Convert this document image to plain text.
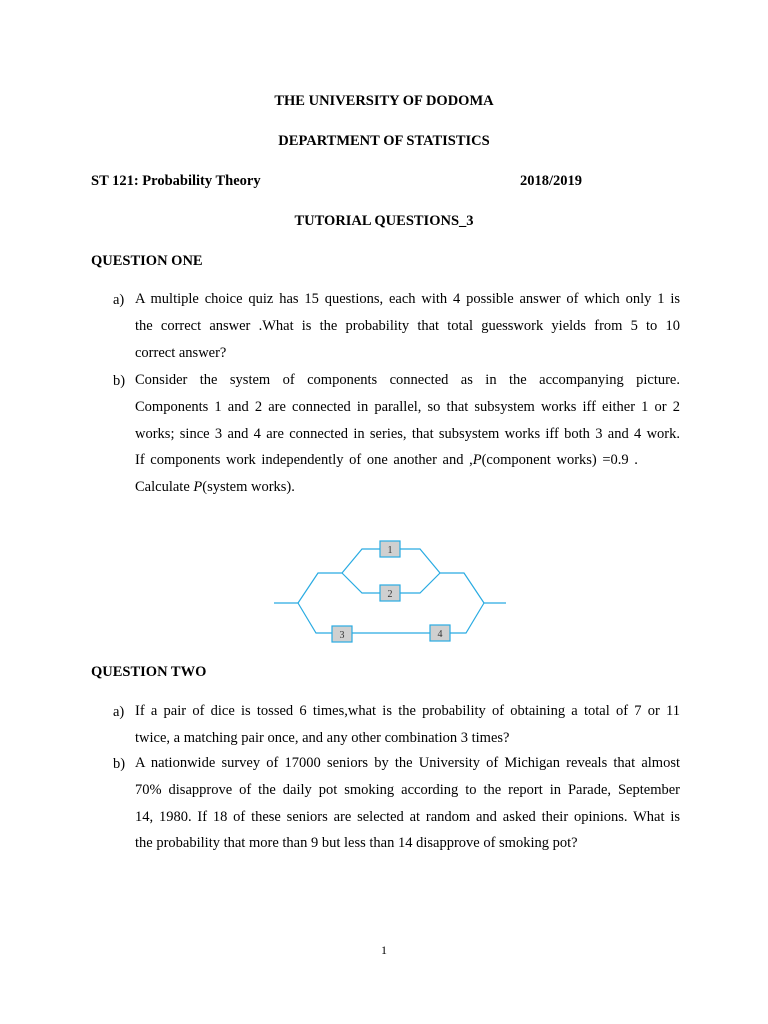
THE UNIVERSITY OF DODOMA
DEPARTMENT OF STATISTICS
ST 121: Probability Theory	2018/2019
TUTORIAL QUESTIONS_3
QUESTION ONE
a) A multiple choice quiz has 15 questions, each with 4 possible answer of which only 1 is
the correct answer .What is the probability that total guesswork yields from 5 to 10
correct answer?
b) Consider the system of components connected as in the accompanying picture.
Components 1 and 2 are connected in parallel, so that subsystem works iff either 1 or 2
works; since 3 and 4 are connected in series, that subsystem works iff both 3 and 4 work.
If components work independently of one another and ,P(component works) =0.9 .
Calculate P(system works).
1
2
3	4
QUESTION TWO
a) If a pair of dice is tossed 6 times,what is the probability of obtaining a total of 7 or 11
twice, a matching pair once, and any other combination 3 times?
b) A nationwide survey of 17000 seniors by the University of Michigan reveals that almost
70% disapprove of the daily pot smoking according to the report in Parade, September
14, 1980. If 18 of these seniors are selected at random and asked their opinions. What is
the probability that more than 9 but less than 14 disapprove of smoking pot?
1
